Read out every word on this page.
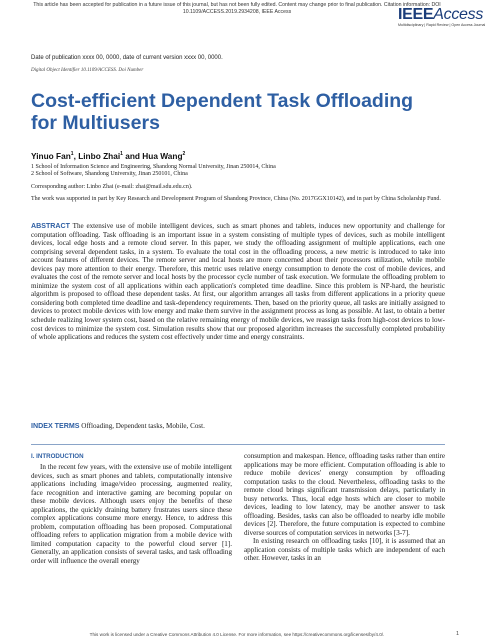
This article has been accepted for publication in a future issue of this journal, but has not been fully edited. Content may change prior to final publication. Citation information: DOI
10.1109/ACCESS.2019.2934208, IEEE Access	IEEEAccess
Multidisciplinary | Rapid Review | Open Access Journal
Date of publication xxxx 00, 0000, date of current version xxxx 00, 0000.
Digital Object Identifier 10.1109/ACCESS. Doi Number
Cost-efficient Dependent Task Offloading for Multiusers
Yinuo Fan$^1$, Linbo Zhai$^1$ and Hua Wang$^2$
1 School of Information Science and Engineering, Shandong Normal University, Jinan 250014, China
2 School of Software, Shandong University, Jinan 250101, China
Corresponding author: Linbo Zhai (e-mail: zhai@mail.sdu.edu.cn).
The work was supported in part by Key Research and Development Program of Shandong Province, China (No. 2017GGX10142), and in part by China Scholarship Fund.
ABSTRACT The extensive use of mobile intelligent devices, such as smart phones and tablets, induces new opportunity and challenge for computation offloading. Task offloading is an important issue in a system consisting of multiple types of devices, such as mobile intelligent devices, local edge hosts and a remote cloud server. In this paper, we study the offloading assignment of multiple applications, each one comprising several dependent tasks, in a system. To evaluate the total cost in the offloading process, a new metric is introduced to take into account features of different devices. The remote server and local hosts are more concerned about their processors utilization, while mobile devices pay more attention to their energy. Therefore, this metric uses relative energy consumption to denote the cost of mobile devices, and evaluates the cost of the remote server and local hosts by the processor cycle number of task execution. We formulate the offloading problem to minimize the system cost of all applications within each application's completed time deadline. Since this problem is NP-hard, the heuristic algorithm is proposed to offload these dependent tasks. At first, our algorithm arranges all tasks from different applications in a priority queue considering both completed time deadline and task-dependency requirements. Then, based on the priority queue, all tasks are initially assigned to devices to protect mobile devices with low energy and make them survive in the assignment process as long as possible. At last, to obtain a better schedule realizing lower system cost, based on the relative remaining energy of mobile devices, we reassign tasks from high-cost devices to low-cost devices to minimize the system cost. Simulation results show that our proposed algorithm increases the successfully completed probability of whole applications and reduces the system cost effectively under time and energy constraints.
INDEX TERMS Offloading, Dependent tasks, Mobile, Cost.
I. INTRODUCTION

In the recent few years, with the extensive use of mobile intelligent devices, such as smart phones and tablets, computationally intensive applications including image/video processing, augmented reality, face recognition and interactive gaming are becoming popular on these mobile devices. Although users enjoy the benefits of these applications, the quickly draining battery frustrates users since these complex applications consume more energy. Hence, to address this problem, computation offloading has been proposed. Computational offloading refers to application migration from a mobile device with limited computation capacity to the powerful cloud server [1]. Generally, an application consists of several tasks, and task offloading order will influence the overall energy

consumption and makespan. Hence, offloading tasks rather than entire applications may be more efficient. Computation offloading is able to reduce mobile devices' energy consumption by offloading computation tasks to the cloud. Nevertheless, offloading tasks to the remote cloud brings significant transmission delays, particularly in busy networks. Thus, local edge hosts which are closer to mobile devices, leading to low latency, may be another answer to task offloading. Besides, tasks can also be offloaded to nearby idle mobile devices [2]. Therefore, the future computation is expected to combine diverse sources of computation services in networks [3-7].

In existing research on offloading tasks [10], it is assumed that an application consists of multiple tasks which are independent of each other. However, tasks in an

This work is licensed under a Creative Commons Attribution 4.0 License. For more information, see https://creativecommons.org/licenses/by/4.0/.	1
